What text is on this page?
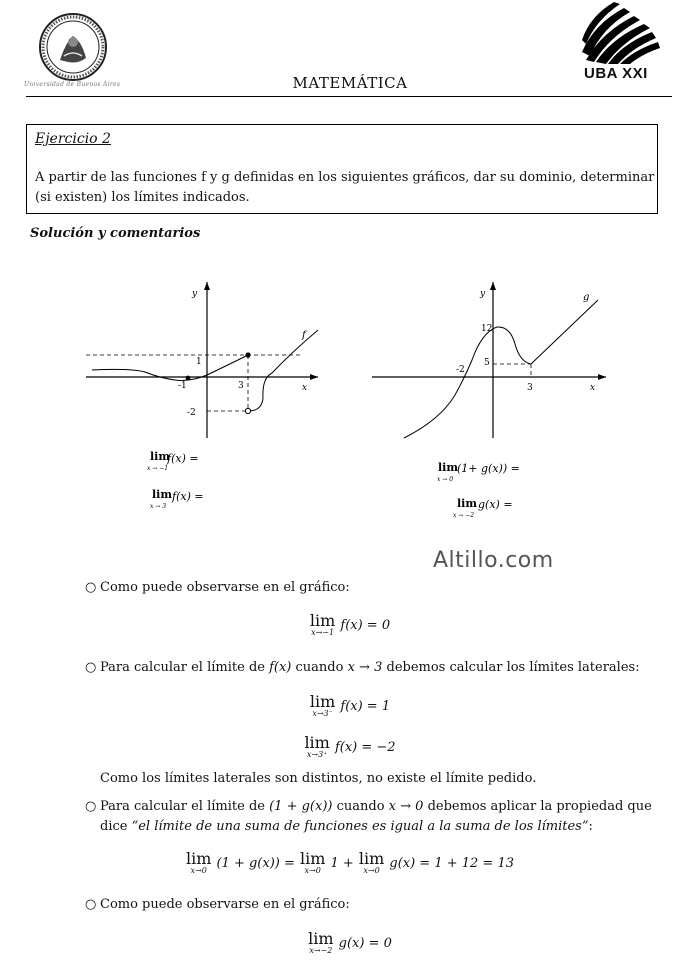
Universidad de Buenos Aires
UBA XXI
MATEMÁTICA
Ejercicio 2
A partir de las funciones f y g definidas en los siguientes gráficos, dar su dominio, determinar (si existen) los límites indicados.
Solución y comentarios
y
x
1
-2
-1	3
f
y
x
12
5
-2
3
g
lim
x → −1
f(x) =
lim
x → 3
f(x) =
lim
x → 0
(1+ g(x)) =
lim
x → −2
g(x) =
Altillo.com
○ Como puede observarse en el gráfico:
lim
x→−1 f(x) = 0
○ Para calcular el límite de f(x) cuando x → 3 debemos calcular los límites laterales:
lim
x→3⁻ f(x) = 1
lim
x→3⁺ f(x) = −2
Como los límites laterales son distintos, no existe el límite pedido.
○ Para calcular el límite de (1 + g(x)) cuando x → 0 debemos aplicar la propiedad que
dice “el límite de una suma de funciones es igual a la suma de los límites”:
lim
x→0 (1 + g(x)) = lim
x→0 1 + lim
x→0 g(x) = 1 + 12 = 13
○ Como puede observarse en el gráfico:
lim
x→−2 g(x) = 0
